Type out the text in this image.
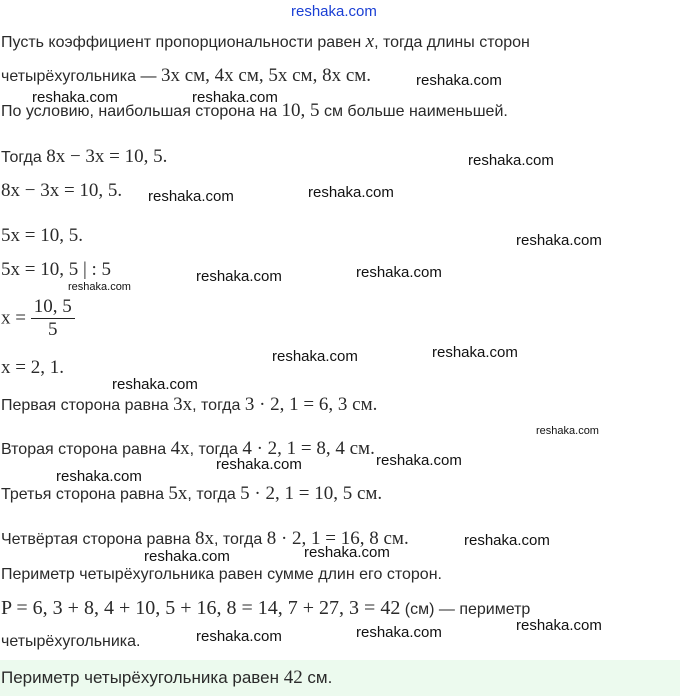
reshaka.com
Пусть коэффициент пропорциональности равен x, тогда длины сторон
четырёхугольника — 3x см, 4x см, 5x см, 8x см.
По условию, наибольшая сторона на 10, 5 см больше наименьшей.
Тогда 8x − 3x = 10, 5.
8x − 3x = 10, 5.
5x = 10, 5.
5x = 10, 5 | : 5
$x = \frac{10, 5}{5}$
x = 2, 1.
Первая сторона равна 3x, тогда 3 · 2, 1 = 6, 3 см.
Вторая сторона равна 4x, тогда 4 · 2, 1 = 8, 4 см.
Третья сторона равна 5x, тогда 5 · 2, 1 = 10, 5 см.
Четвёртая сторона равна 8x, тогда 8 · 2, 1 = 16, 8 см.
Периметр четырёхугольника равен сумме длин его сторон.
P = 6, 3 + 8, 4 + 10, 5 + 16, 8 = 14, 7 + 27, 3 = 42 (см) — периметр
четырёхугольника.
Периметр четырёхугольника равен 42 см.
reshaka.com
reshaka.com	reshaka.com
reshaka.com
reshaka.com	reshaka.com
reshaka.com
reshaka.com	reshaka.com
reshaka.com
reshaka.com	reshaka.com
reshaka.com
reshaka.com
reshaka.com
reshaka.com	reshaka.com
reshaka.com
reshaka.com	reshaka.com
reshaka.com
reshaka.com	reshaka.com
